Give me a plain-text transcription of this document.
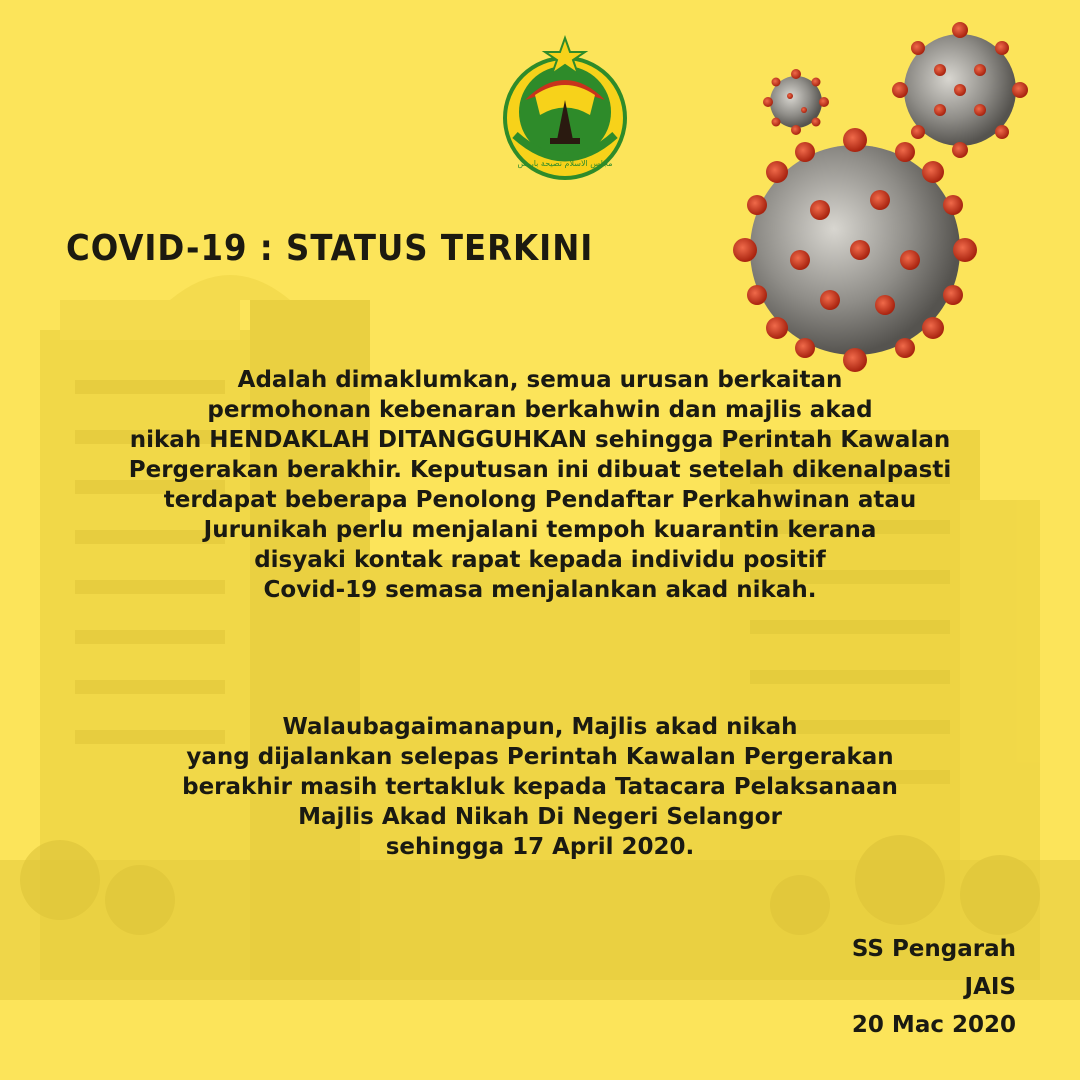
مجلس الاسلام نصيحة باريس
COVID-19 : STATUS TERKINI
Adalah dimaklumkan, semua urusan berkaitan
permohonan kebenaran berkahwin dan majlis akad
nikah HENDAKLAH DITANGGUHKAN sehingga Perintah Kawalan
Pergerakan berakhir. Keputusan ini dibuat setelah dikenalpasti
terdapat beberapa Penolong Pendaftar Perkahwinan atau
Jurunikah perlu menjalani tempoh kuarantin kerana
disyaki kontak rapat kepada individu positif
Covid-19 semasa menjalankan akad nikah.
Walaubagaimanapun, Majlis akad nikah
yang dijalankan selepas Perintah Kawalan Pergerakan
berakhir masih tertakluk kepada Tatacara Pelaksanaan
Majlis Akad Nikah Di Negeri Selangor
sehingga 17 April 2020.
SS Pengarah
JAIS
20 Mac 2020
